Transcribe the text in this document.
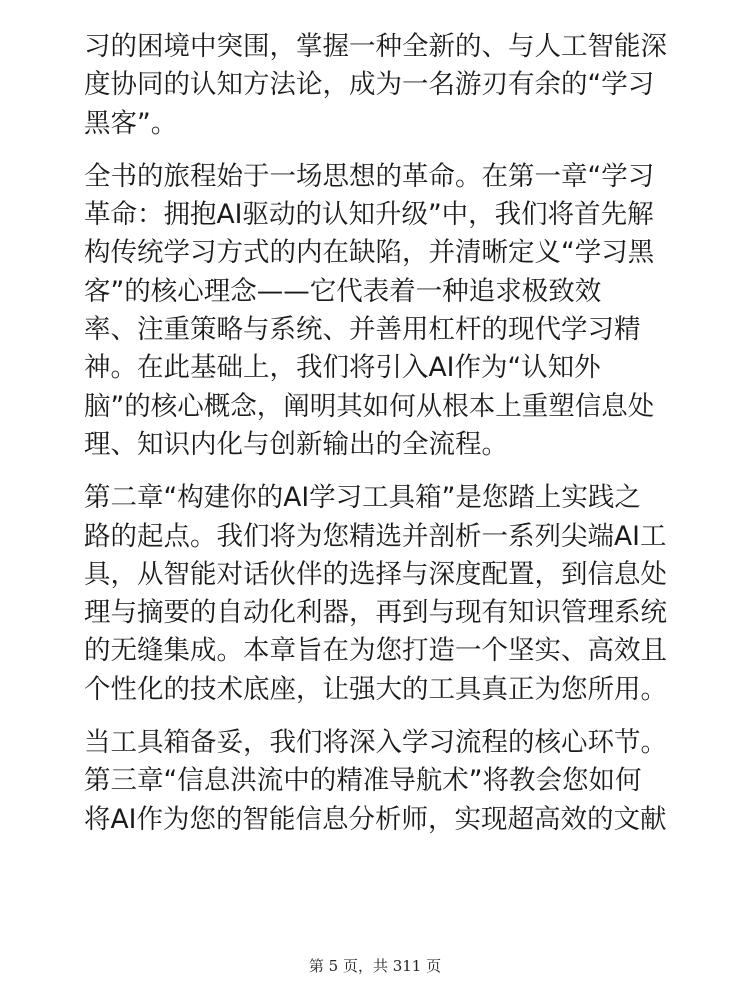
习的困境中突围，掌握一种全新的、与人工智能深
度协同的认知方法论，成为一名游刃有余的“学习
黑客”。

全书的旅程始于一场思想的革命。在第一章“学习
革命：拥抱AI驱动的认知升级”中，我们将首先解
构传统学习方式的内在缺陷，并清晰定义“学习黑
客”的核心理念——它代表着一种追求极致效
率、注重策略与系统、并善用杠杆的现代学习精
神。在此基础上，我们将引入AI作为“认知外
脑”的核心概念，阐明其如何从根本上重塑信息处
理、知识内化与创新输出的全流程。

第二章“构建你的AI学习工具箱”是您踏上实践之
路的起点。我们将为您精选并剖析一系列尖端AI工
具，从智能对话伙伴的选择与深度配置，到信息处
理与摘要的自动化利器，再到与现有知识管理系统
的无缝集成。本章旨在为您打造一个坚实、高效且
个性化的技术底座，让强大的工具真正为您所用。

当工具箱备妥，我们将深入学习流程的核心环节。
第三章“信息洪流中的精准导航术”将教会您如何
将AI作为您的智能信息分析师，实现超高效的文献

第 5 页，共 311 页
